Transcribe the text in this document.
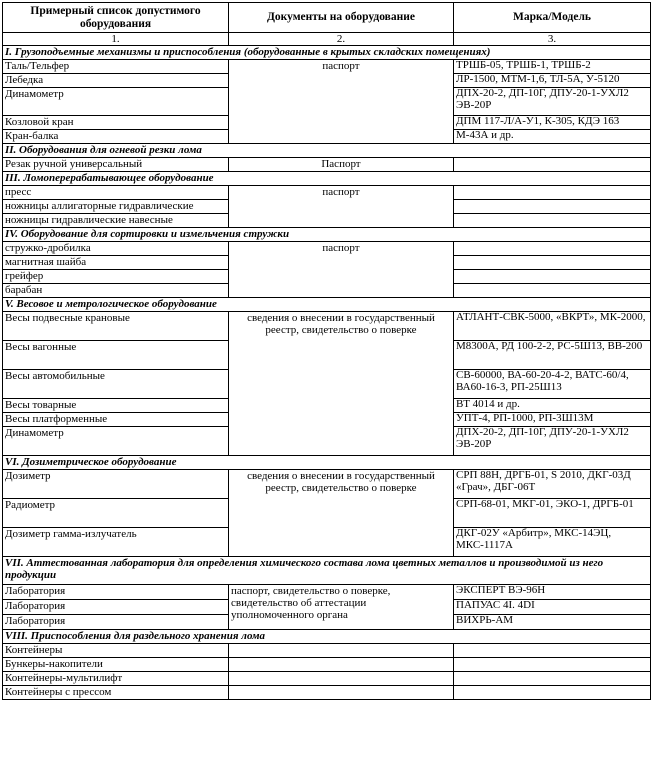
Примерный список допустимого оборудования	Документы на оборудование	Марка/Модель
1.	2.	3.
I. Грузоподъемные механизмы и приспособления (оборудованные в крытых складских помещениях)		
Таль/Тельфер	паспорт	ТРШБ-05, ТРШБ-1, ТРШБ-2
Лебедка		ЛР-1500, МТМ-1,6, ТЛ-5А, У-5120
Динамометр		ДПХ-20-2, ДП-10Г, ДПУ-20-1-УХЛ2 ЭВ-20Р
Козловой кран		ДПМ 117-Л/А-У1, К-305, КДЭ 163
Кран-балка		М-43А и др.
II. Оборудования для огневой резки лома		
Резак ручной универсальный	Паспорт	
III. Ломоперерабатывающее оборудование		
пресс	паспорт	
ножницы аллигаторные гидравлические		
ножницы гидравлические навесные		
IV. Оборудование для сортировки и измельчения стружки		
стружко-дробилка	паспорт	
магнитная шайба		
грейфер		
барабан		
V. Весовое и метрологическое оборудование		
Весы подвесные крановые	сведения о внесении в государственный реестр, свидетельство о поверке	АТЛАНТ-СВК-5000, «ВКРТ», МК-2000,
Весы вагонные		М8300А, РД 100-2-2, РС-5Ш13, ВВ-200
Весы автомобильные		СВ-60000, ВА-60-20-4-2, ВАТС-60/4, ВА60-16-3, РП-25Ш13
Весы товарные		ВТ 4014 и др.
Весы платформенные		УПТ-4, РП-1000, РП-3Ш13М
Динамометр		ДПХ-20-2, ДП-10Г, ДПУ-20-1-УХЛ2 ЭВ-20Р
VI. Дозиметрическое оборудование		
Дозиметр	сведения о внесении в государственный реестр, свидетельство о поверке	СРП 88Н, ДРГБ-01, S 2010, ДКГ-03Д «Грач», ДБГ-06Т
Радиометр		СРП-68-01, МКГ-01, ЭКО-1, ДРГБ-01
Дозиметр гамма-излучатель		ДКГ-02У «Арбитр», МКС-14ЭЦ, МКС-1117А
VII. Аттестованная лаборатория для определения химического состава лома цветных металлов и производимой из него продукции		
Лаборатория	паспорт, свидетельство о поверке, свидетельство об аттестации уполномоченного органа	ЭКСПЕРТ ВЭ-96Н
Лаборатория		ПАПУАС 4I. 4DI
Лаборатория		ВИХРЬ-АМ
VIII. Приспособления для раздельного хранения лома		
Контейнеры		
Бункеры-накопители		
Контейнеры-мультилифт		
Контейнеры с прессом		
